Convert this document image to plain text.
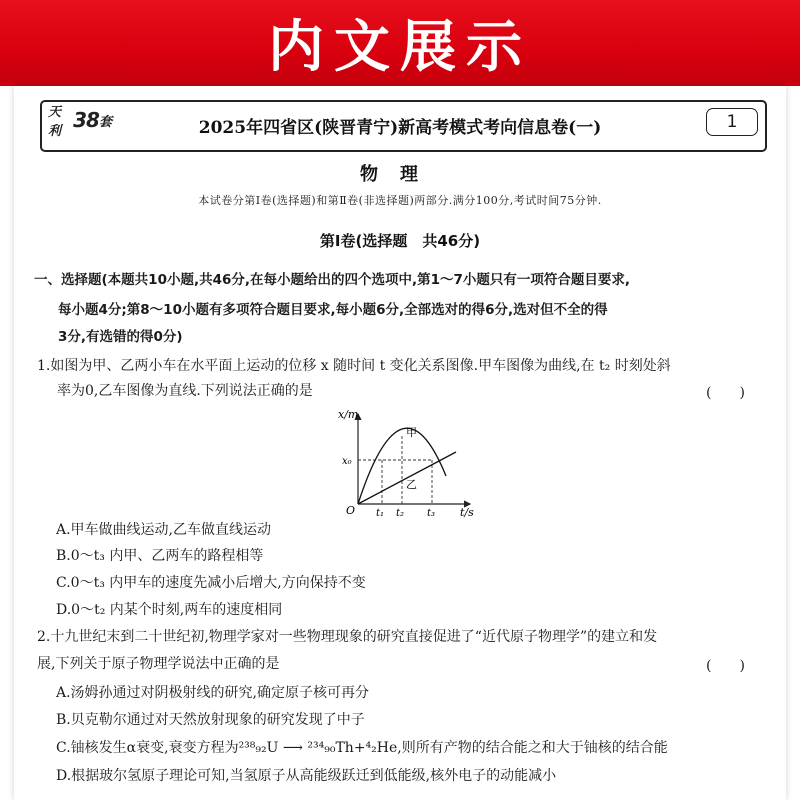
内文展示
天利 38 套	2025年四省区(陕晋青宁)新高考模式考向信息卷(一)	1
物理
本试卷分第Ⅰ卷(选择题)和第Ⅱ卷(非选择题)两部分.满分100分,考试时间75分钟.
第Ⅰ卷(选择题　共46分)
一、选择题(本题共10小题,共46分,在每小题给出的四个选项中,第1～7小题只有一项符合题目要求,
每小题4分;第8～10小题有多项符合题目要求,每小题6分,全部选对的得6分,选对但不全的得
3分,有选错的得0分)
1.如图为甲、乙两小车在水平面上运动的位移 x 随时间 t 变化关系图像.甲车图像为曲线,在 t₂ 时刻处斜
率为0,乙车图像为直线.下列说法正确的是	(　　)
x/m
t/s
O
x₀
t₁ t₂ t₃
甲
乙
A.甲车做曲线运动,乙车做直线运动
B.0～t₃ 内甲、乙两车的路程相等
C.0～t₃ 内甲车的速度先减小后增大,方向保持不变
D.0～t₂ 内某个时刻,两车的速度相同
2.十九世纪末到二十世纪初,物理学家对一些物理现象的研究直接促进了“近代原子物理学”的建立和发
展,下列关于原子物理学说法中正确的是	(　　)
A.汤姆孙通过对阴极射线的研究,确定原子核可再分
B.贝克勒尔通过对天然放射现象的研究发现了中子
C.铀核发生α衰变,衰变方程为²³⁸₉₂U ⟶ ²³⁴₉₀Th+⁴₂He,则所有产物的结合能之和大于铀核的结合能
D.根据玻尔氢原子理论可知,当氢原子从高能级跃迁到低能级,核外电子的动能减小
